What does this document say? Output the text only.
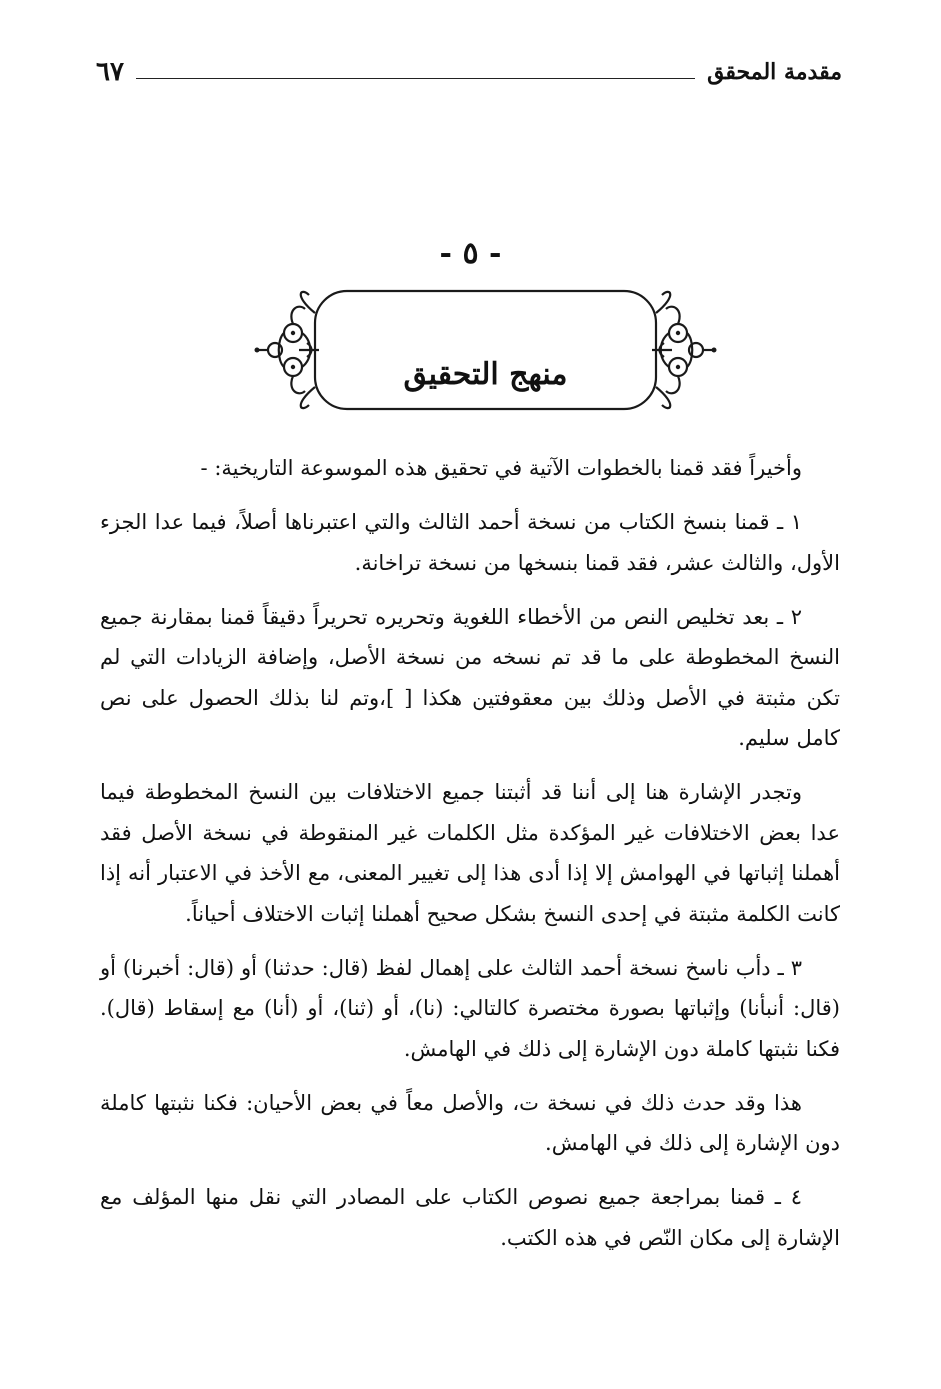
مقدمة المحقق
٦٧
- ٥ -
منهج التحقيق

وأخيراً فقد قمنا بالخطوات الآتية في تحقيق هذه الموسوعة التاريخية: -

١ ـ قمنا بنسخ الكتاب من نسخة أحمد الثالث والتي اعتبرناها أصلاً، فيما عدا الجزء الأول، والثالث عشر، فقد قمنا بنسخها من نسخة تراخانة.

٢ ـ بعد تخليص النص من الأخطاء اللغوية وتحريره تحريراً دقيقاً قمنا بمقارنة جميع النسخ المخطوطة على ما قد تم نسخه من نسخة الأصل، وإضافة الزيادات التي لم تكن مثبتة في الأصل وذلك بين معقوفتين هكذا [ ]،وتم لنا بذلك الحصول على نص كامل سليم.

وتجدر الإشارة هنا إلى أننا قد أثبتنا جميع الاختلافات بين النسخ المخطوطة فيما عدا بعض الاختلافات غير المؤكدة مثل الكلمات غير المنقوطة في نسخة الأصل فقد أهملنا إثباتها في الهوامش إلا إذا أدى هذا إلى تغيير المعنى، مع الأخذ في الاعتبار أنه إذا كانت الكلمة مثبتة في إحدى النسخ بشكل صحيح أهملنا إثبات الاختلاف أحياناً.

٣ ـ دأب ناسخ نسخة أحمد الثالث على إهمال لفظ (قال: حدثنا) أو (قال: أخبرنا) أو (قال: أنبأنا) وإثباتها بصورة مختصرة كالتالي: (نا)، أو (ثنا)، أو (أنا) مع إسقاط (قال). فكنا نثبتها كاملة دون الإشارة إلى ذلك في الهامش.

هذا وقد حدث ذلك في نسخة ت، والأصل معاً في بعض الأحيان: فكنا نثبتها كاملة دون الإشارة إلى ذلك في الهامش.

٤ ـ قمنا بمراجعة جميع نصوص الكتاب على المصادر التي نقل منها المؤلف مع الإشارة إلى مكان النّص في هذه الكتب.
